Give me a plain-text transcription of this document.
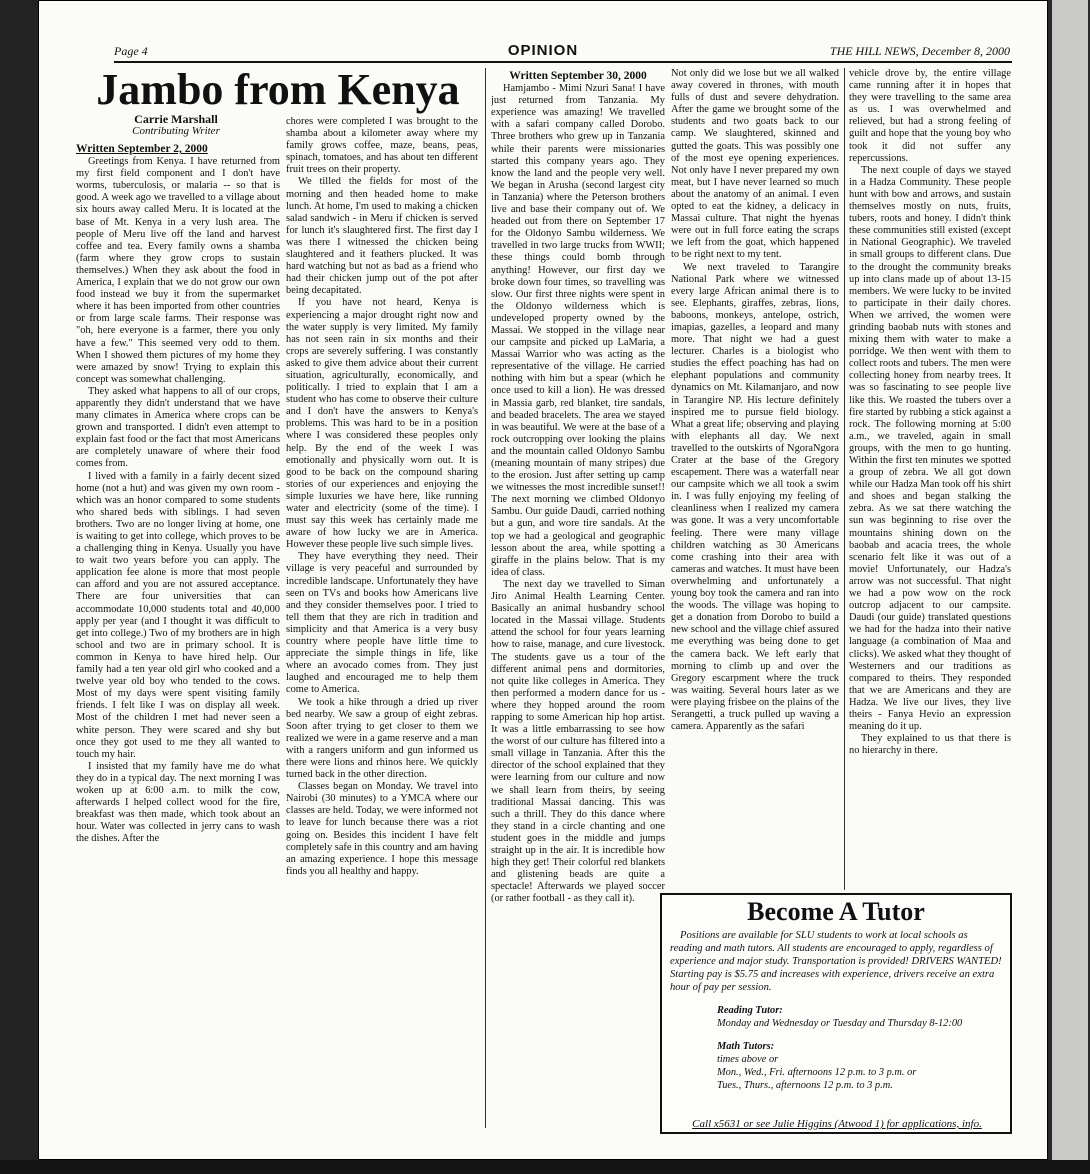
Page 4	OPINION	THE HILL NEWS, December 8, 2000
Jambo from Kenya
Carrie Marshall
Contributing Writer

Written September 2, 2000

Greetings from Kenya. I have returned from my first field component and I don't have worms, tuberculosis, or malaria -- so that is good. A week ago we travelled to a village about six hours away called Meru. It is located at the base of Mt. Kenya in a very lush area. The people of Meru live off the land and harvest coffee and tea. Every family owns a shamba (farm where they grow crops to sustain themselves.) When they ask about the food in America, I explain that we do not grow our own food instead we buy it from the supermarket where it has been imported from other countries or from large scale farms. Their response was "oh, here everyone is a farmer, there you only have a few." This seemed very odd to them. When I showed them pictures of my home they were amazed by snow! Trying to explain this concept was somewhat challenging.

They asked what happens to all of our crops, apparently they didn't understand that we have many climates in America where crops can be grown and transported. I didn't even attempt to explain fast food or the fact that most Americans are completely unaware of where their food comes from.

I lived with a family in a fairly decent sized home (not a hut) and was given my own room - which was an honor compared to some students who shared beds with siblings. I had seven brothers. Two are no longer living at home, one is waiting to get into college, which proves to be a challenging thing in Kenya. Usually you have to wait two years before you can apply. The application fee alone is more that most people can afford and you are not assured acceptance. There are four universities that can accommodate 10,000 students total and 40,000 apply per year (and I thought it was difficult to get into college.) Two of my brothers are in high school and two are in primary school. It is common in Kenya to have hired help. Our family had a ten year old girl who cooked and a twelve year old boy who tended to the cows. Most of my days were spent visiting family friends. I felt like I was on display all week. Most of the children I met had never seen a white person. They were scared and shy but once they got used to me they all wanted to touch my hair.

I insisted that my family have me do what they do in a typical day. The next morning I was woken up at 6:00 a.m. to milk the cow, afterwards I helped collect wood for the fire, breakfast was then made, which took about an hour. Water was collected in jerry cans to wash the dishes. After the

chores were completed I was brought to the shamba about a kilometer away where my family grows coffee, maze, beans, peas, spinach, tomatoes, and has about ten different fruit trees on their property.

We tilled the fields for most of the morning and then headed home to make lunch. At home, I'm used to making a chicken salad sandwich - in Meru if chicken is served for lunch it's slaughtered first. The first day I was there I witnessed the chicken being slaughtered and it feathers plucked. It was hard watching but not as bad as a friend who had their chicken jump out of the pot after being decapitated.

If you have not heard, Kenya is experiencing a major drought right now and the water supply is very limited. My family has not seen rain in six months and their crops are severely suffering. I was constantly asked to give them advice about their current situation, agriculturally, economically, and politically. I tried to explain that I am a student who has come to observe their culture and I don't have the answers to Kenya's problems. This was hard to be in a position where I was considered these peoples only help. By the end of the week I was emotionally and physically worn out. It is good to be back on the compound sharing stories of our experiences and enjoying the simple luxuries we have here, like running water and electricity (some of the time). I must say this week has certainly made me aware of how lucky we are in America. However these people live such simple lives.

They have everything they need. Their village is very peaceful and surrounded by incredible landscape. Unfortunately they have seen on TVs and books how Americans live and they consider themselves poor. I tried to tell them that they are rich in tradition and simplicity and that America is a very busy country where people have little time to appreciate the simple things in life, like where an avocado comes from. They just laughed and encouraged me to help them come to America.

We took a hike through a dried up river bed nearby. We saw a group of eight zebras. Soon after trying to get closer to them we realized we were in a game reserve and a man with a rangers uniform and gun informed us there were lions and rhinos here. We quickly turned back in the other direction.

Classes began on Monday. We travel into Nairobi (30 minutes) to a YMCA where our classes are held. Today, we were informed not to leave for lunch because there was a riot going on. Besides this incident I have felt completely safe in this country and am having an amazing experience. I hope this message finds you all healthy and happy.

Written September 30, 2000

Hamjambo - Mimi Nzuri Sana! I have just returned from Tanzania. My experience was amazing! We travelled with a safari company called Dorobo. Three brothers who grew up in Tanzania while their parents were missionaries started this company years ago. They know the land and the people very well. We began in Arusha (second largest city in Tanzania) where the Peterson brothers live and base their company out of. We headed out from there on September 17 for the Oldonyo Sambu wilderness. We travelled in two large trucks from WWII; these things could bomb through anything! However, our first day we broke down four times, so travelling was slow. Our first three nights were spent in the Oldonyo wilderness which is undeveloped property owned by the Massai. We stopped in the village near our campsite and picked up LaMaria, a Massai Warrior who was acting as the representative of the village. He carried nothing with him but a spear (which he once used to kill a lion). He was dressed in Massia garb, red blanket, tire sandals, and beaded bracelets. The area we stayed in was beautiful. We were at the base of a rock outcropping over looking the plains and the mountain called Oldonyo Sambu (meaning mountain of many stripes) due to the erosion. Just after setting up camp we witnesses the most incredible sunset!! The next morning we climbed Oldonyo Sambu. Our guide Daudi, carried nothing but a gun, and wore tire sandals. At the top we had a geological and geographic lesson about the area, while spotting a giraffe in the plains below. That is my idea of class.

The next day we travelled to Siman Jiro Animal Health Learning Center. Basically an animal husbandry school located in the Massai village. Students attend the school for four years learning how to raise, manage, and cure livestock. The students gave us a tour of the different animal pens and dormitories, not quite like colleges in America. They then performed a modern dance for us - where they hopped around the room rapping to some American hip hop artist. It was a little embarrassing to see how the worst of our culture has filtered into a small village in Tanzania. After this the director of the school explained that they were learning from our culture and now we shall learn from theirs, by seeing traditional Massai dancing. This was such a thrill. They do this dance where they stand in a circle chanting and one student goes in the middle and jumps straight up in the air. It is incredible how high they get! Their colorful red blankets and glistening beads are quite a spectacle! Afterwards we played soccer (or rather football - as they call it).

Not only did we lose but we all walked away covered in thrones, with mouth fulls of dust and severe dehydration. After the game we brought some of the students and two goats back to our camp. We slaughtered, skinned and gutted the goats. This was possibly one of the most eye opening experiences. Not only have I never prepared my own meat, but I have never learned so much about the anatomy of an animal. I even opted to eat the kidney, a delicacy in Massai culture. That night the hyenas were out in full force eating the scraps we left from the goat, which happened to be right next to my tent.

We next traveled to Tarangire National Park where we witnessed every large African animal there is to see. Elephants, giraffes, zebras, lions, baboons, monkeys, antelope, ostrich, imapias, gazelles, a leopard and many more. That night we had a guest lecturer. Charles is a biologist who studies the effect poaching has had on elephant populations and community dynamics on Mt. Kilamanjaro, and now in Tarangire NP. His lecture definitely inspired me to pursue field biology. What a great life; observing and playing with elephants all day. We next travelled to the outskirts of NgoraNgora Crater at the base of the Gregory escapement. There was a waterfall near our campsite which we all took a swim in. I was fully enjoying my feeling of cleanliness when I realized my camera was gone. It was a very uncomfortable feeling. There were many village children watching as 30 Americans come crashing into their area with cameras and watches. It must have been overwhelming and unfortunately a young boy took the camera and ran into the woods. The village was hoping to get a donation from Dorobo to build a new school and the village chief assured me everything was being done to get the camera back. We left early that morning to climb up and over the Gregory escarpment where the truck was waiting. Several hours later as we were playing frisbee on the plains of the Serangetti, a truck pulled up waving a camera. Apparently as the safari

vehicle drove by, the entire village came running after it in hopes that they were travelling to the same area as us. I was overwhelmed and relieved, but had a strong feeling of guilt and hope that the young boy who took it did not suffer any repercussions.

The next couple of days we stayed in a Hadza Community. These people hunt with bow and arrows, and sustain themselves mostly on nuts, fruits, tubers, roots and honey. I didn't think these communities still existed (except in National Geographic). We traveled in small groups to different clans. Due to the drought the community breaks up into clans made up of about 13-15 members. We were lucky to be invited to participate in their daily chores. When we arrived, the women were grinding baobab nuts with stones and mixing them with water to make a porridge. We then went with them to collect roots and tubers. The men were collecting honey from nearby trees. It was so fascinating to see people live like this. We roasted the tubers over a fire started by rubbing a stick against a rock. The following morning at 5:00 a.m., we traveled, again in small groups, with the men to go hunting. Within the first ten minutes we spotted a group of zebra. We all got down while our Hadza Man took off his shirt and shoes and began stalking the zebra. As we sat there watching the sun was beginning to rise over the mountains shining down on the baobab and acacia trees, the whole scenario felt like it was out of a movie! Unfortunately, our Hadza's arrow was not successful. That night we had a pow wow on the rock outcrop adjacent to our campsite. Daudi (our guide) translated questions we had for the hadza into their native language (a combination of Maa and clicks). We asked what they thought of Westerners and our traditions as compared to theirs. They responded that we are Americans and they are Hadza. We live our lives, they live theirs - Fanya Hevio an expression meaning do it up.

They explained to us that there is no hierarchy in there.

Become A Tutor
Positions are available for SLU students to work at local schools as reading and math tutors. All students are encouraged to apply, regardless of experience and major study. Transportation is provided! DRIVERS WANTED! Starting pay is $5.75 and increases with experience, drivers receive an extra hour of pay per session.
Reading Tutor:
Monday and Wednesday or Tuesday and Thursday 8-12:00
Math Tutors:
times above or
Mon., Wed., Fri. afternoons 12 p.m. to 3 p.m. or
Tues., Thurs., afternoons 12 p.m. to 3 p.m.
Call x5631 or see Julie Higgins (Atwood 1) for applications, info.
